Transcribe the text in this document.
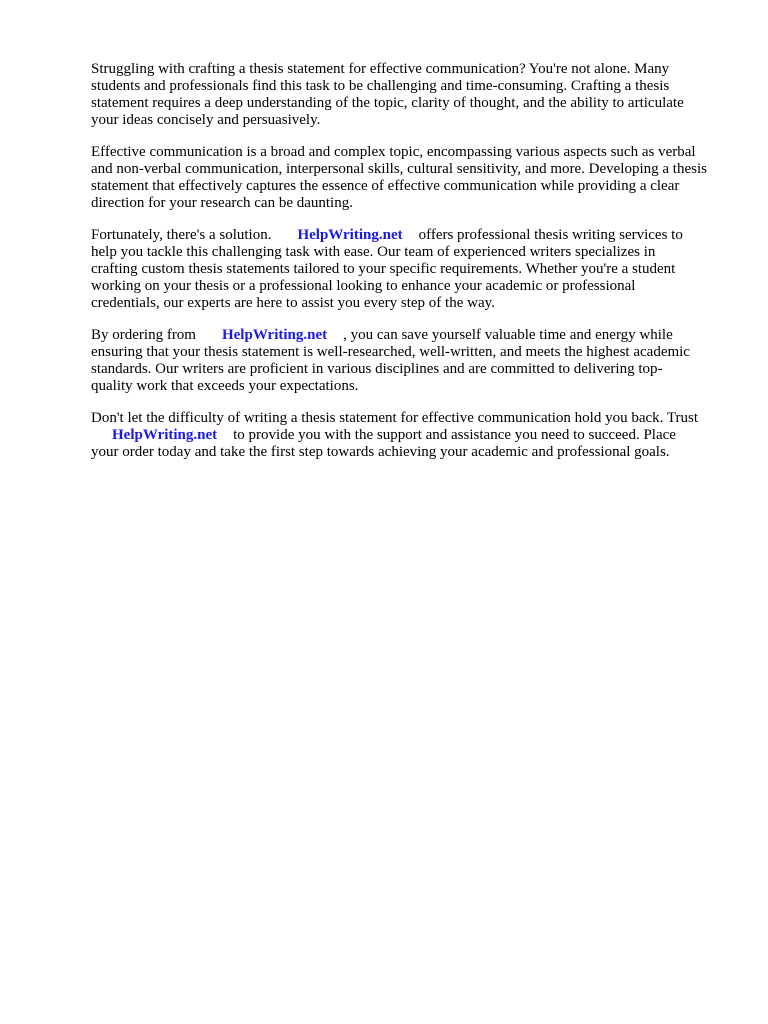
Struggling with crafting a thesis statement for effective communication? You're not alone. Many
students and professionals find this task to be challenging and time-consuming. Crafting a thesis
statement requires a deep understanding of the topic, clarity of thought, and the ability to articulate
your ideas concisely and persuasively.

Effective communication is a broad and complex topic, encompassing various aspects such as verbal
and non-verbal communication, interpersonal skills, cultural sensitivity, and more. Developing a thesis
statement that effectively captures the essence of effective communication while providing a clear
direction for your research can be daunting.

Fortunately, there's a solution. HelpWriting.net offers professional thesis writing services to
help you tackle this challenging task with ease. Our team of experienced writers specializes in
crafting custom thesis statements tailored to your specific requirements. Whether you're a student
working on your thesis or a professional looking to enhance your academic or professional
credentials, our experts are here to assist you every step of the way.

By ordering from HelpWriting.net , you can save yourself valuable time and energy while
ensuring that your thesis statement is well-researched, well-written, and meets the highest academic
standards. Our writers are proficient in various disciplines and are committed to delivering top-
quality work that exceeds your expectations.

Don't let the difficulty of writing a thesis statement for effective communication hold you back. Trust
HelpWriting.net to provide you with the support and assistance you need to succeed. Place
your order today and take the first step towards achieving your academic and professional goals.
